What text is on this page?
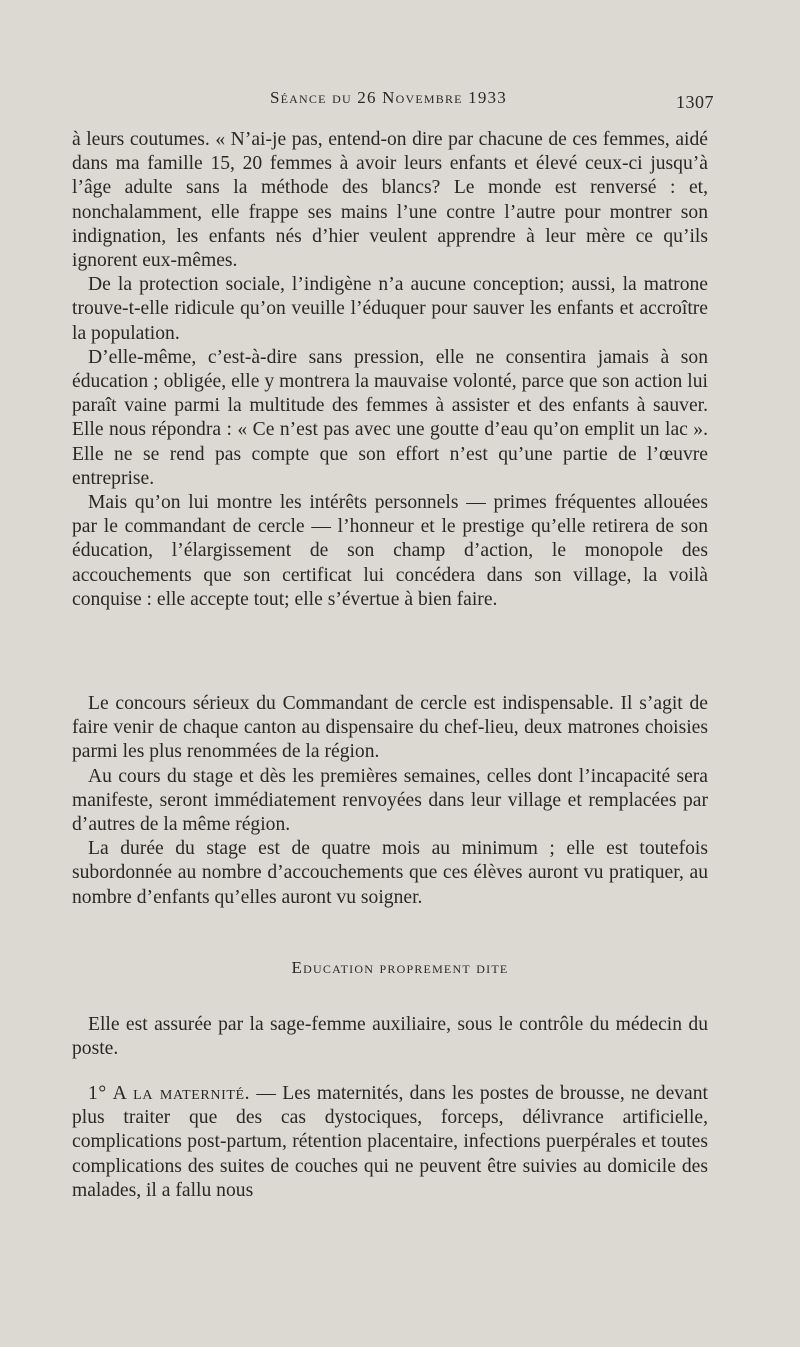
Séance du 26 Novembre 1933	1307

à leurs coutumes. « N’ai-je pas, entend-on dire par chacune de ces femmes, aidé dans ma famille 15, 20 femmes à avoir leurs enfants et élevé ceux-ci jusqu’à l’âge adulte sans la méthode des blancs? Le monde est renversé : et, nonchalamment, elle frappe ses mains l’une contre l’autre pour montrer son indignation, les enfants nés d’hier veulent apprendre à leur mère ce qu’ils ignorent eux-mêmes.

De la protection sociale, l’indigène n’a aucune conception; aussi, la matrone trouve-t-elle ridicule qu’on veuille l’éduquer pour sauver les enfants et accroître la population.

D’elle-même, c’est-à-dire sans pression, elle ne consentira jamais à son éducation ; obligée, elle y montrera la mauvaise volonté, parce que son action lui paraît vaine parmi la multitude des femmes à assister et des enfants à sauver. Elle nous répondra : « Ce n’est pas avec une goutte d’eau qu’on emplit un lac ». Elle ne se rend pas compte que son effort n’est qu’une partie de l’œuvre entreprise.

Mais qu’on lui montre les intérêts personnels — primes fréquentes allouées par le commandant de cercle — l’honneur et le prestige qu’elle retirera de son éducation, l’élargissement de son champ d’action, le monopole des accouchements que son certificat lui concédera dans son village, la voilà conquise : elle accepte tout; elle s’évertue à bien faire.

Le concours sérieux du Commandant de cercle est indispensable. Il s’agit de faire venir de chaque canton au dispensaire du chef-lieu, deux matrones choisies parmi les plus renommées de la région.

Au cours du stage et dès les premières semaines, celles dont l’incapacité sera manifeste, seront immédiatement renvoyées dans leur village et remplacées par d’autres de la même région.

La durée du stage est de quatre mois au minimum ; elle est toutefois subordonnée au nombre d’accouchements que ces élèves auront vu pratiquer, au nombre d’enfants qu’elles auront vu soigner.

Education proprement dite

Elle est assurée par la sage-femme auxiliaire, sous le contrôle du médecin du poste.

1° A la maternité. — Les maternités, dans les postes de brousse, ne devant plus traiter que des cas dystociques, forceps, délivrance artificielle, complications post-partum, rétention placentaire, infections puerpérales et toutes complications des suites de couches qui ne peuvent être suivies au domicile des malades, il a fallu nous
